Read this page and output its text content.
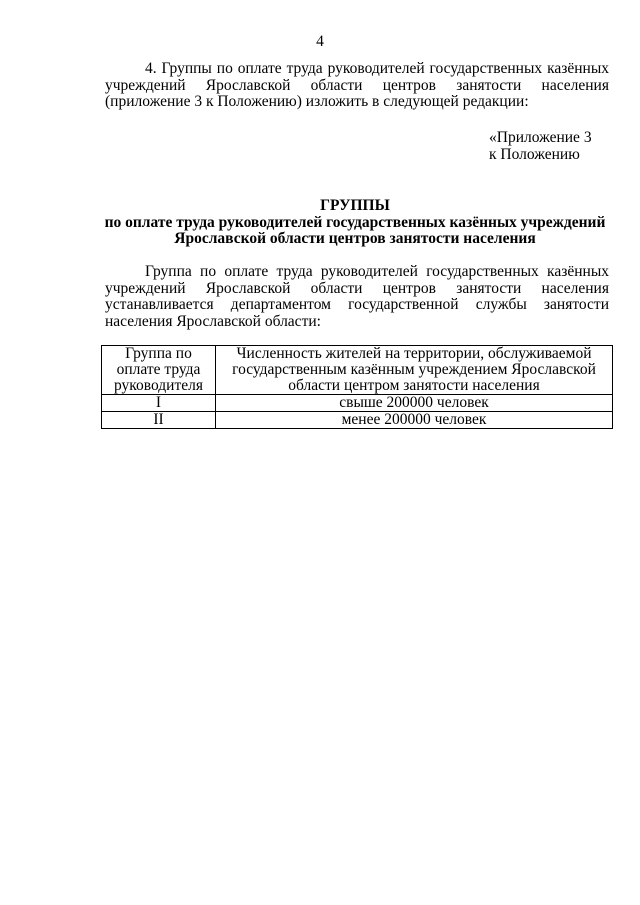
4
4. Группы по оплате труда руководителей государственных казённых
учреждений Ярославской области центров занятости населения
(приложение 3 к Положению) изложить в следующей редакции:
«Приложение 3
к Положению
ГРУППЫ
по оплате труда руководителей государственных казённых учреждений
Ярославской области центров занятости населения
Группа по оплате труда руководителей государственных казённых
учреждений Ярославской области центров занятости населения
устанавливается департаментом государственной службы занятости
населения Ярославской области:
Группа по оплате труда руководителя	Численность жителей на территории, обслуживаемой государственным казённым учреждением Ярославской области центром занятости населения
I	свыше 200000 человек
II	менее 200000 человек
